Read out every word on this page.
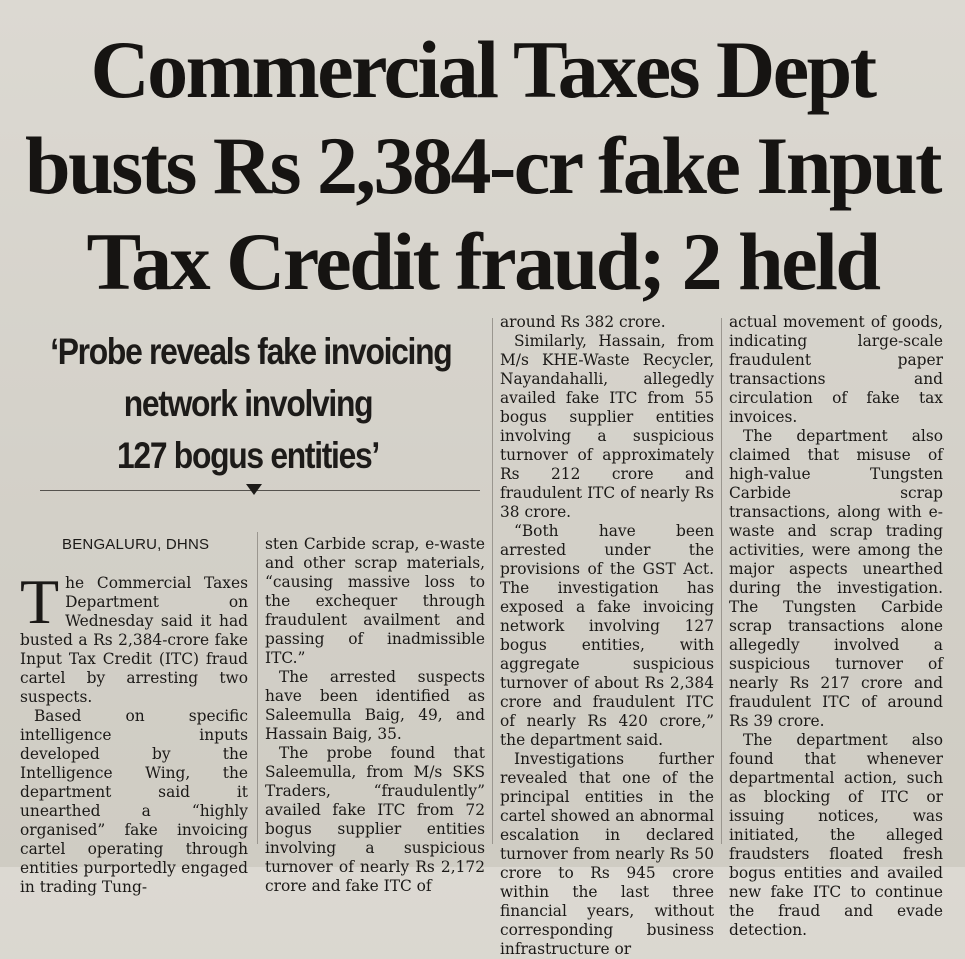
Commercial Taxes Dept
busts Rs 2,384-cr fake Input
Tax Credit fraud; 2 held
‘Probe reveals fake invoicing
network involving
127 bogus entities’
BENGALURU, DHNS

The Commercial Taxes Department on Wednesday said it had busted a Rs 2,384-crore fake Input Tax Credit (ITC) fraud cartel by arresting two suspects.

Based on specific intelligence inputs developed by the Intelligence Wing, the department said it unearthed a “highly organised” fake invoicing cartel operating through entities purportedly engaged in trading Tung-

sten Carbide scrap, e-waste and other scrap materials, “causing massive loss to the exchequer through fraudulent availment and passing of inadmissible ITC.”

The arrested suspects have been identified as Saleemulla Baig, 49, and Hassain Baig, 35.

The probe found that Saleemulla, from M/s SKS Traders, “fraudulently” availed fake ITC from 72 bogus supplier entities involving a suspicious turnover of nearly Rs 2,172 crore and fake ITC of

around Rs 382 crore.

Similarly, Hassain, from M/s KHE-Waste Recycler, Nayandahalli, allegedly availed fake ITC from 55 bogus supplier entities involving a suspicious turnover of approximately Rs 212 crore and fraudulent ITC of nearly Rs 38 crore.

“Both have been arrested under the provisions of the GST Act. The investigation has exposed a fake invoicing network involving 127 bogus entities, with aggregate suspicious turnover of about Rs 2,384 crore and fraudulent ITC of nearly Rs 420 crore,” the department said.

Investigations further revealed that one of the principal entities in the cartel showed an abnormal escalation in declared turnover from nearly Rs 50 crore to Rs 945 crore within the last three financial years, without corresponding business infrastructure or

actual movement of goods, indicating large-scale fraudulent paper transactions and circulation of fake tax invoices.

The department also claimed that misuse of high-value Tungsten Carbide scrap transactions, along with e-waste and scrap trading activities, were among the major aspects unearthed during the investigation. The Tungsten Carbide scrap transactions alone allegedly involved a suspicious turnover of nearly Rs 217 crore and fraudulent ITC of around Rs 39 crore.

The department also found that whenever departmental action, such as blocking of ITC or issuing notices, was initiated, the alleged fraudsters floated fresh bogus entities and availed new fake ITC to continue the fraud and evade detection.
